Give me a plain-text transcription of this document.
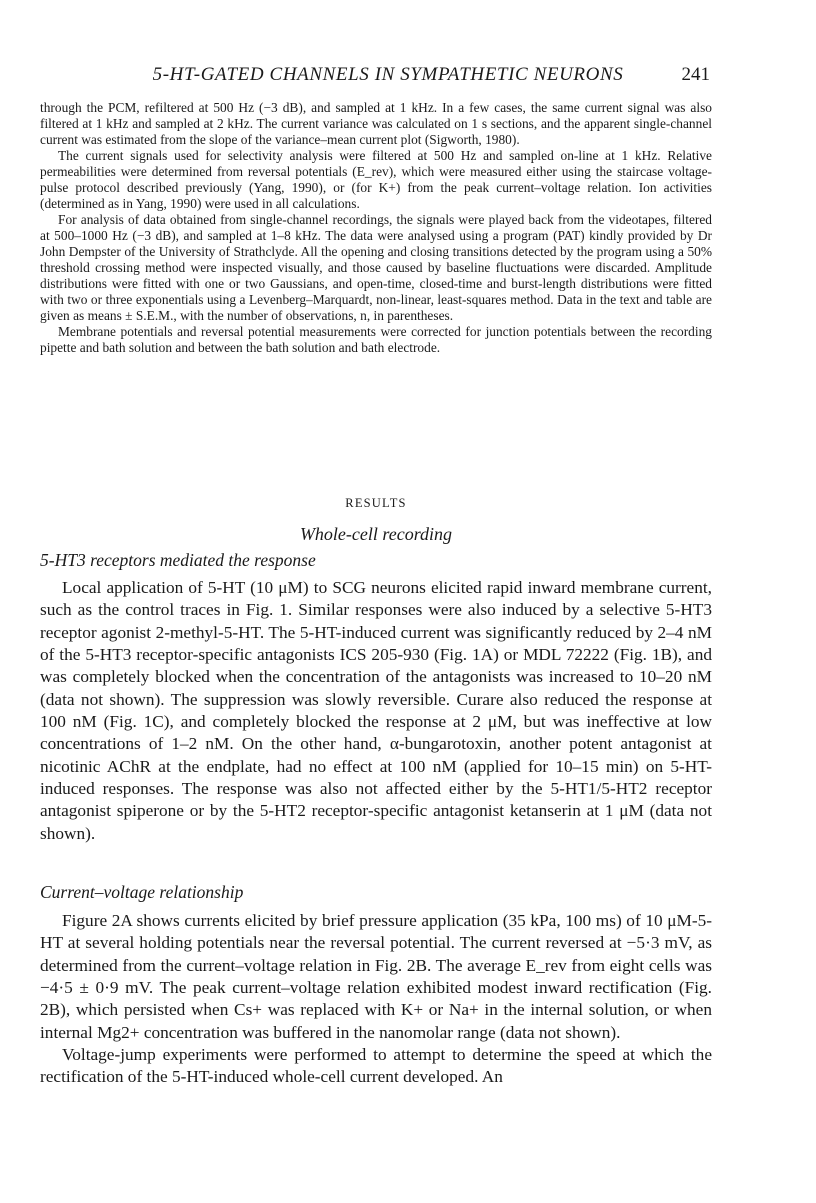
5-HT-GATED CHANNELS IN SYMPATHETIC NEURONS	241

through the PCM, refiltered at 500 Hz (−3 dB), and sampled at 1 kHz. In a few cases, the same current signal was also filtered at 1 kHz and sampled at 2 kHz. The current variance was calculated on 1 s sections, and the apparent single-channel current was estimated from the slope of the variance–mean current plot (Sigworth, 1980).

The current signals used for selectivity analysis were filtered at 500 Hz and sampled on-line at 1 kHz. Relative permeabilities were determined from reversal potentials (E_rev), which were measured either using the staircase voltage-pulse protocol described previously (Yang, 1990), or (for K+) from the peak current–voltage relation. Ion activities (determined as in Yang, 1990) were used in all calculations.

For analysis of data obtained from single-channel recordings, the signals were played back from the videotapes, filtered at 500–1000 Hz (−3 dB), and sampled at 1–8 kHz. The data were analysed using a program (PAT) kindly provided by Dr John Dempster of the University of Strathclyde. All the opening and closing transitions detected by the program using a 50% threshold crossing method were inspected visually, and those caused by baseline fluctuations were discarded. Amplitude distributions were fitted with one or two Gaussians, and open-time, closed-time and burst-length distributions were fitted with two or three exponentials using a Levenberg–Marquardt, non-linear, least-squares method. Data in the text and table are given as means ± S.E.M., with the number of observations, n, in parentheses.

Membrane potentials and reversal potential measurements were corrected for junction potentials between the recording pipette and bath solution and between the bath solution and bath electrode.

RESULTS
Whole-cell recording
5-HT3 receptors mediated the response

Local application of 5-HT (10 μM) to SCG neurons elicited rapid inward membrane current, such as the control traces in Fig. 1. Similar responses were also induced by a selective 5-HT3 receptor agonist 2-methyl-5-HT. The 5-HT-induced current was significantly reduced by 2–4 nM of the 5-HT3 receptor-specific antagonists ICS 205-930 (Fig. 1A) or MDL 72222 (Fig. 1B), and was completely blocked when the concentration of the antagonists was increased to 10–20 nM (data not shown). The suppression was slowly reversible. Curare also reduced the response at 100 nM (Fig. 1C), and completely blocked the response at 2 μM, but was ineffective at low concentrations of 1–2 nM. On the other hand, α-bungarotoxin, another potent antagonist at nicotinic AChR at the endplate, had no effect at 100 nM (applied for 10–15 min) on 5-HT-induced responses. The response was also not affected either by the 5-HT1/5-HT2 receptor antagonist spiperone or by the 5-HT2 receptor-specific antagonist ketanserin at 1 μM (data not shown).

Current–voltage relationship

Figure 2A shows currents elicited by brief pressure application (35 kPa, 100 ms) of 10 μM-5-HT at several holding potentials near the reversal potential. The current reversed at −5·3 mV, as determined from the current–voltage relation in Fig. 2B. The average E_rev from eight cells was −4·5 ± 0·9 mV. The peak current–voltage relation exhibited modest inward rectification (Fig. 2B), which persisted when Cs+ was replaced with K+ or Na+ in the internal solution, or when internal Mg2+ concentration was buffered in the nanomolar range (data not shown).

Voltage-jump experiments were performed to attempt to determine the speed at which the rectification of the 5-HT-induced whole-cell current developed. An
